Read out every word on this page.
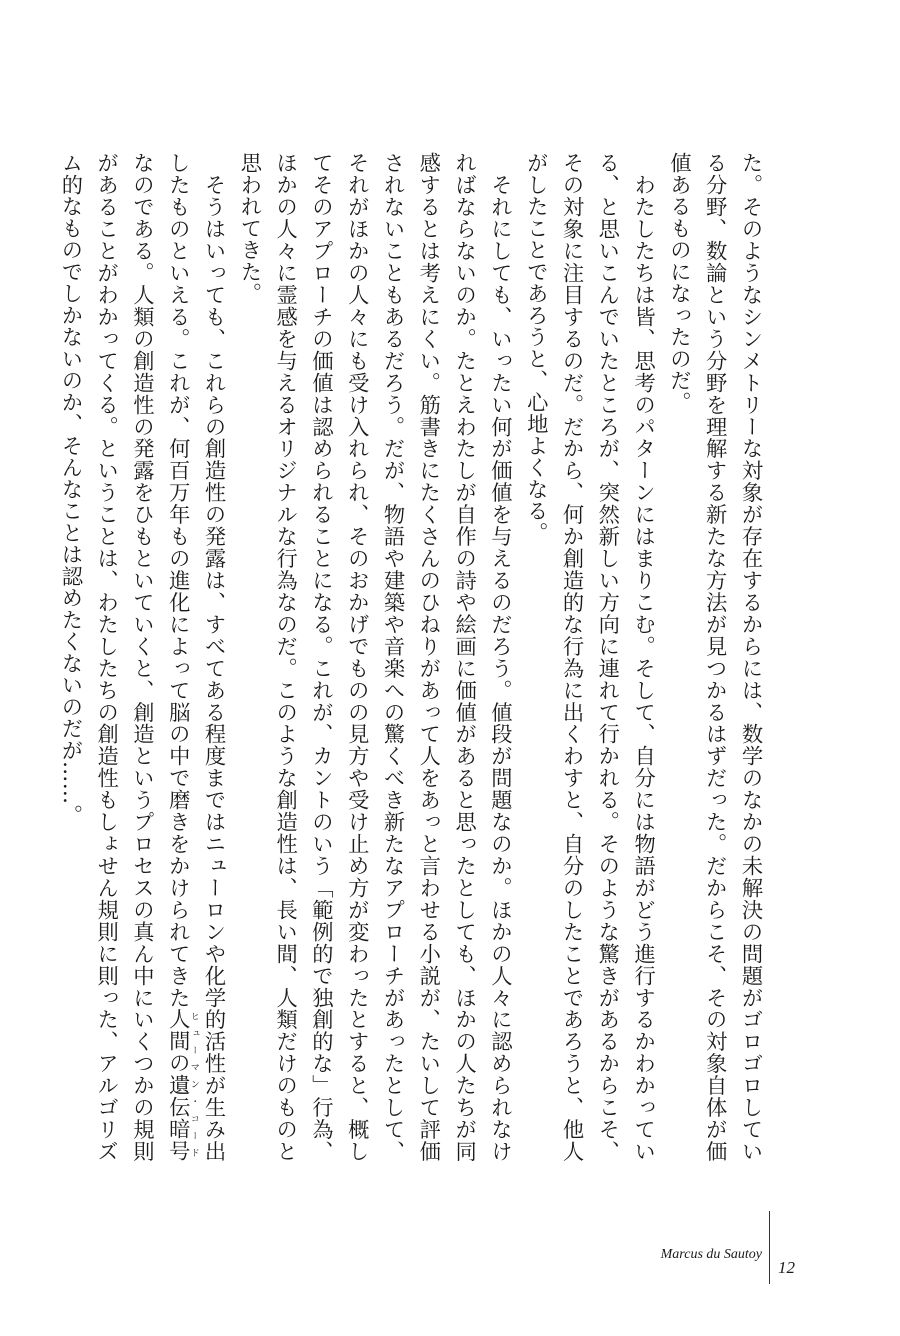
た。そのようなシンメトリーな対象が存在するからには、数学のなかの未解決の問題がゴロゴロしている分野、数論という分野を理解する新たな方法が見つかるはずだった。だからこそ、その対象自体が価値あるものになったのだ。

　わたしたちは皆、思考のパターンにはまりこむ。そして、自分には物語がどう進行するかわかっている、と思いこんでいたところが、突然新しい方向に連れて行かれる。そのような驚きがあるからこそ、その対象に注目するのだ。だから、何か創造的な行為に出くわすと、自分のしたことであろうと、他人がしたことであろうと、心地よくなる。

　それにしても、いったい何が価値を与えるのだろう。値段が問題なのか。ほかの人々に認められなければならないのか。たとえわたしが自作の詩や絵画に価値があると思ったとしても、ほかの人たちが同感するとは考えにくい。筋書きにたくさんのひねりがあって人をあっと言わせる小説が、たいして評価されないこともあるだろう。だが、物語や建築や音楽への驚くべき新たなアプローチがあったとして、それがほかの人々にも受け入れられ、そのおかげでものの見方や受け止め方が変わったとすると、概してそのアプローチの価値は認められることになる。これが、カントのいう「範例的で独創的な」行為、ほかの人々に霊感を与えるオリジナルな行為なのだ。このような創造性は、長い間、人類だけのものと思われてきた。

　そうはいっても、これらの創造性の発露は、すべてある程度まではニューロンや化学的活性が生み出したものといえる。これが、何百万年もの進化によって脳の中で磨きをかけられてきた人間の遺伝暗号ヒューマン・コードなのである。人類の創造性の発露をひもといていくと、創造というプロセスの真ん中にいくつかの規則があることがわかってくる。ということは、わたしたちの創造性もしょせん規則に則った、アルゴリズム的なものでしかないのか、そんなことは認めたくないのだが……。

Marcus du Sautoy
12
